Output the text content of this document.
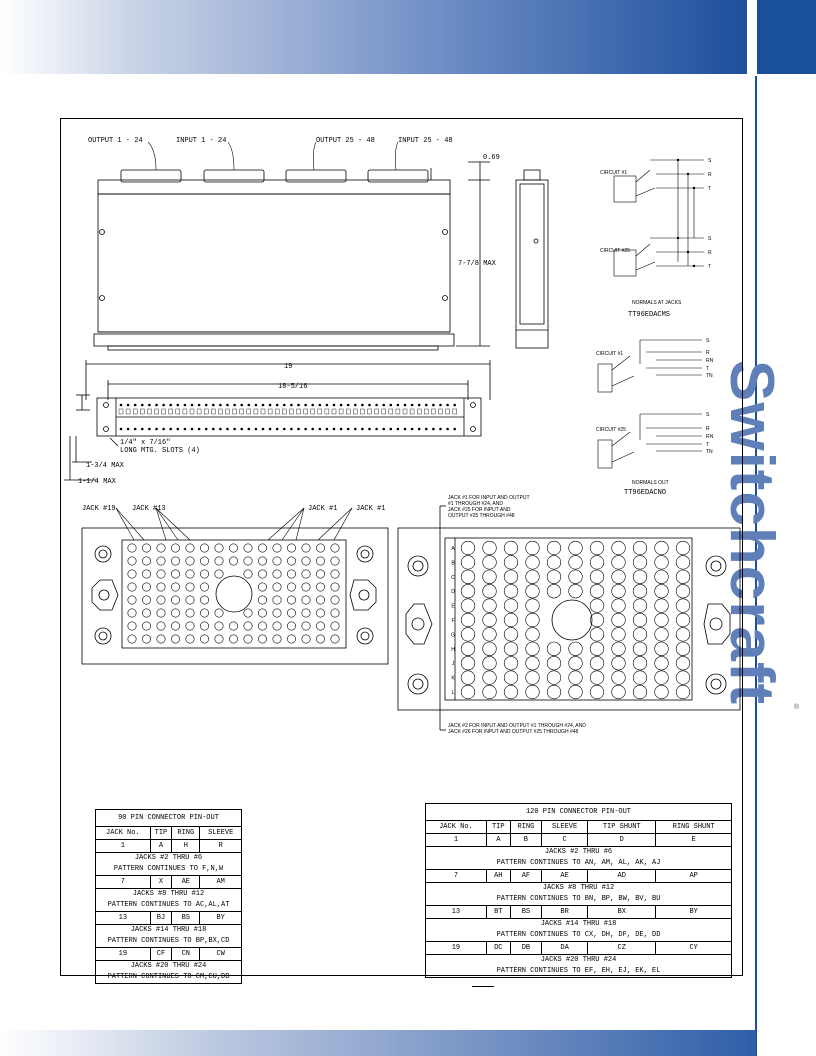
Switchcraft
®
OUTPUT 1 - 24	INPUT 1 - 24	OUTPUT 25 - 48	INPUT 25 - 48
0.69
7-7/8 MAX
19
18-5/16
1/4" x 7/16"
LONG MTG. SLOTS (4)
1-3/4 MAX
1-1/4 MAX
CIRCUIT #1
CIRCUIT #25
S
R
T
S
R
T
NORMALS AT JACKS
TT96EDACMS
CIRCUIT #1
CIRCUIT #25
S
R
RN
T
TN
S
R
RN
T
TN
NORMALS OUT
TT96EDACNO
JACK #19 JACK #13	JACK #1	JACK #1
A
B
C
D
E
F
G
H
J
K
L
JACK #1 FOR INPUT AND OUTPUT
#1 THROUGH #24, AND
JACK #25 FOR INPUT AND
OUTPUT #25 THROUGH #48
JACK #2 FOR INPUT AND OUTPUT #1 THROUGH #24, AND
JACK #26 FOR INPUT AND OUTPUT #25 THROUGH #48
90 PIN CONNECTOR PIN-OUT			
JACK No.	TIP	RING	SLEEVE
1	A	H	R
JACKS #2 THRU #6			
PATTERN CONTINUES TO F,N,W			
7	X	AE	AM
JACKS #8 THRU #12			
PATTERN CONTINUES TO AC,AL,AT			
13	BJ	BS	BY
JACKS #14 THRU #18			
PATTERN CONTINUES TO BP,BX,CD			
19	CF	CN	CW
JACKS #20 THRU #24			
PATTERN CONTINUES TO CM,CU,DB			
120 PIN CONNECTOR PIN-OUT					
JACK No.	TIP	RING	SLEEVE	TIP SHUNT	RING SHUNT
1	A	B	C	D	E
JACKS #2 THRU #6					
PATTERN CONTINUES TO AN, AM, AL, AK, AJ					
7	AH	AF	AE	AD	AP
JACKS #8 THRU #12					
PATTERN CONTINUES TO BN, BP, BW, BV, BU					
13	BT	BS	BR	BX	BY
JACKS #14 THRU #18					
PATTERN CONTINUES TO CX, DH, DF, DE, DD					
19	DC	DB	DA	CZ	CY
JACKS #20 THRU #24					
PATTERN CONTINUES TO EF, EH, EJ, EK, EL					
